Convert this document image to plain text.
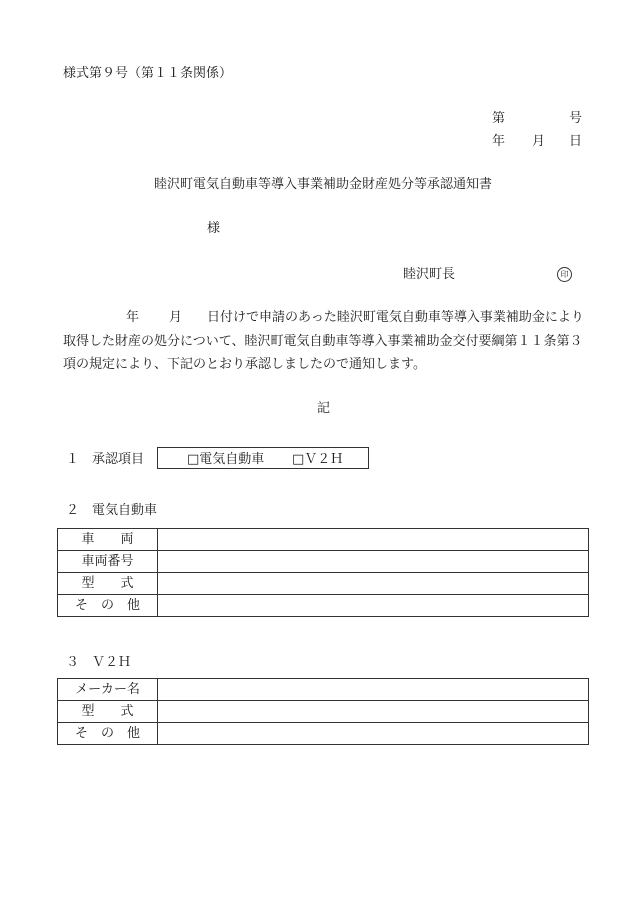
様式第９号（第１１条関係）
第	号
年 月 日
睦沢町電気自動車等導入事業補助金財産処分等承認通知書
様
睦沢町長	印
年 月 日付けで申請のあった睦沢町電気自動車等導入事業補助金により
取得した財産の処分について、睦沢町電気自動車等導入事業補助金交付要綱第１１条第３
項の規定により、下記のとおり承認しましたので通知します。
記
１　承認項目	□電気自動車 □Ｖ２Ｈ
２　電気自動車
車　　両	
車両番号	
型　　式	
そ　の　他	
３　Ｖ２Ｈ
メーカー名	
型　　式	
そ　の　他	
